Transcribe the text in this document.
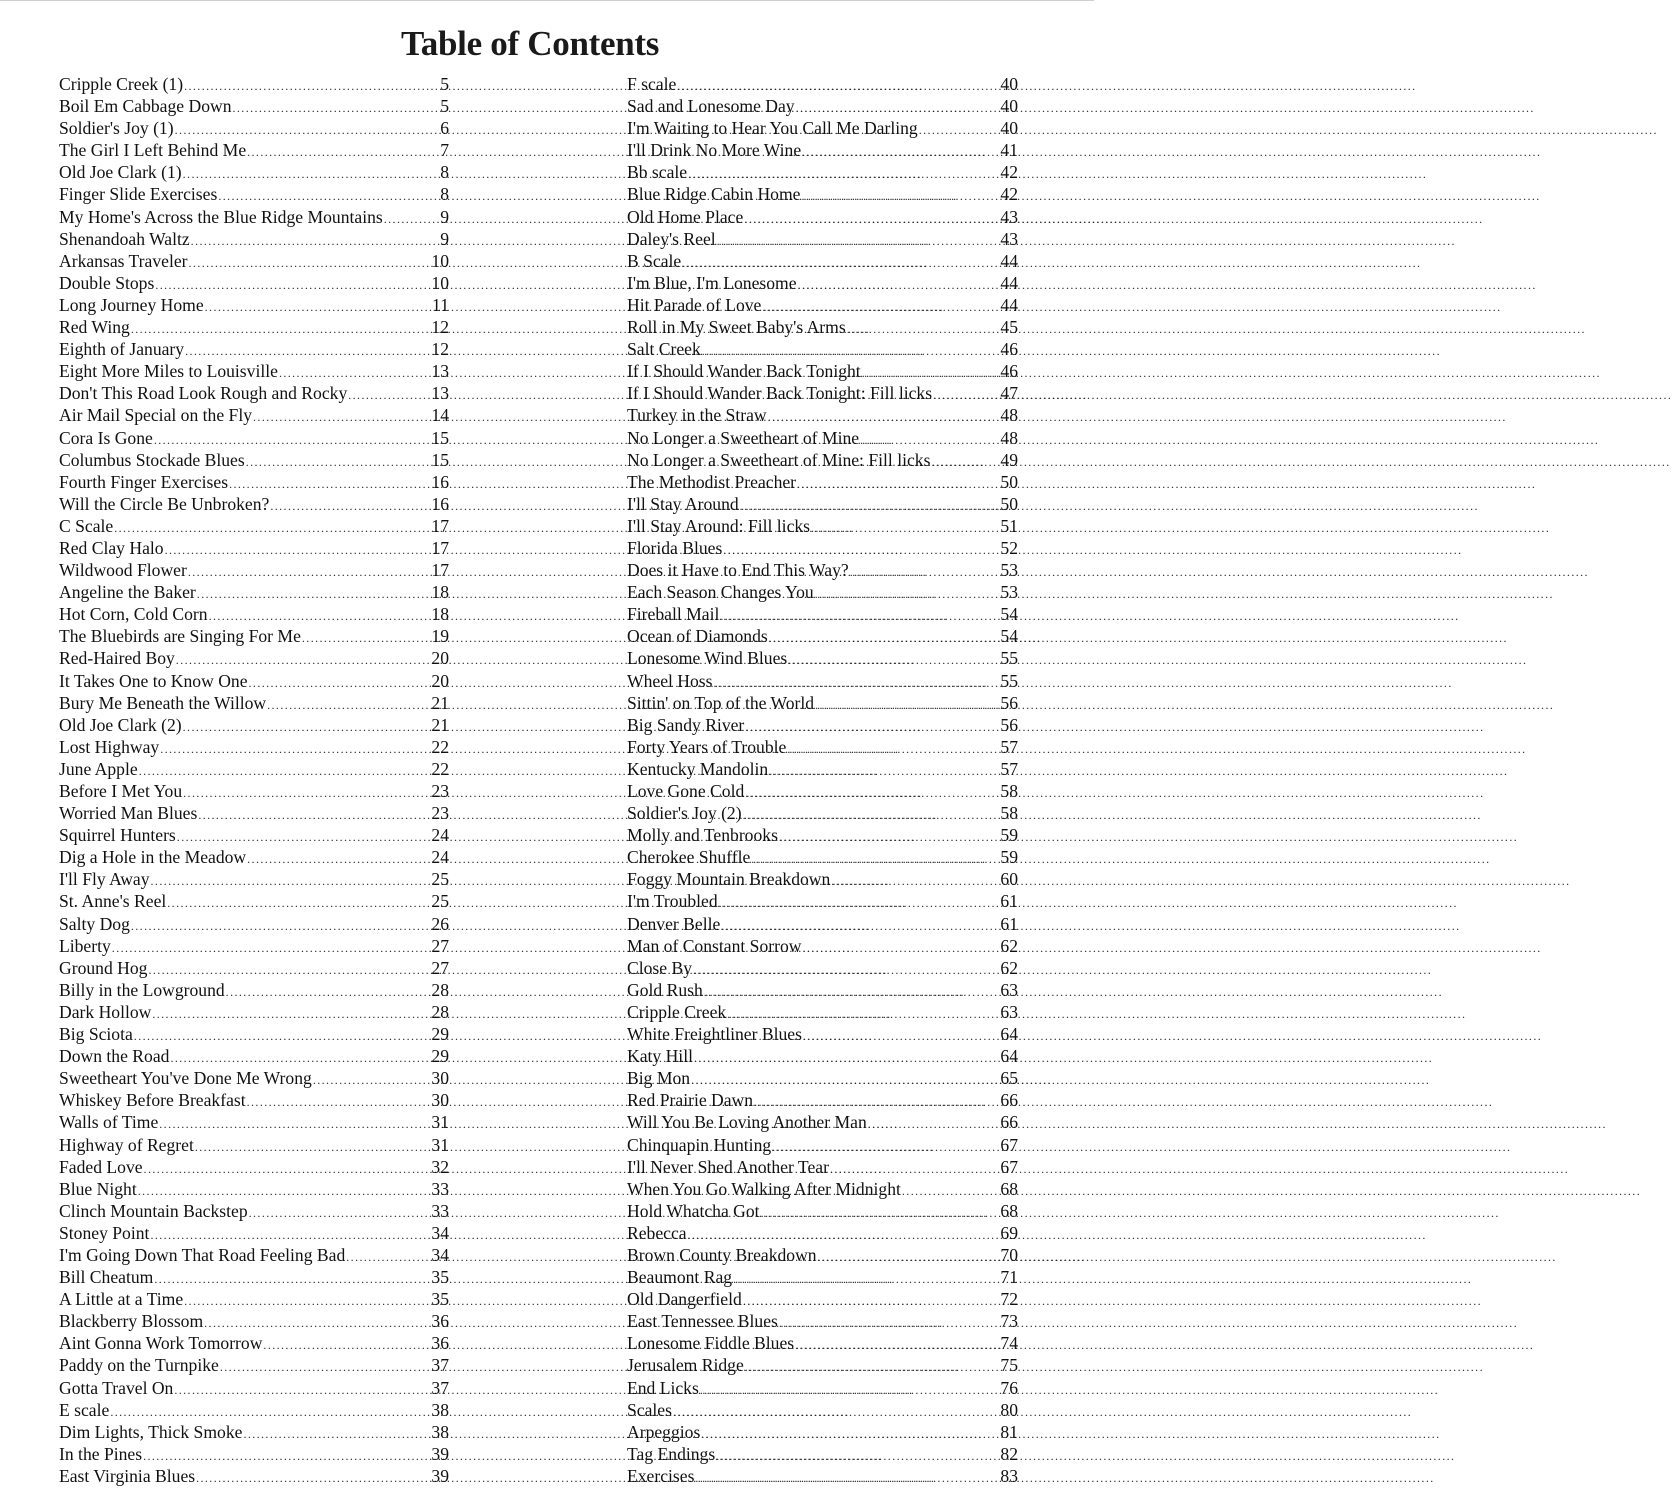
Table of Contents
Cripple Creek (1) .....	5
Boil Em Cabbage Down .....	5
Soldier's Joy (1) .....	6
The Girl I Left Behind Me .....	7
Old Joe Clark (1) .....	8
Finger Slide Exercises .....	8
My Home's Across the Blue Ridge Mountains .....	9
Shenandoah Waltz .....	9
Arkansas Traveler .....	10
Double Stops .....	10
Long Journey Home .....	11
Red Wing .....	12
Eighth of January .....	12
Eight More Miles to Louisville .....	13
Don't This Road Look Rough and Rocky .....	13
Air Mail Special on the Fly .....	14
Cora Is Gone .....	15
Columbus Stockade Blues .....	15
Fourth Finger Exercises .....	16
Will the Circle Be Unbroken? .....	16
C Scale .....	17
Red Clay Halo .....	17
Wildwood Flower .....	17
Angeline the Baker .....	18
Hot Corn, Cold Corn .....	18
The Bluebirds are Singing For Me .....	19
Red-Haired Boy .....	20
It Takes One to Know One .....	20
Bury Me Beneath the Willow .....	21
Old Joe Clark (2) .....	21
Lost Highway .....	22
June Apple .....	22
Before I Met You .....	23
Worried Man Blues .....	23
Squirrel Hunters .....	24
Dig a Hole in the Meadow .....	24
I'll Fly Away .....	25
St. Anne's Reel .....	25
Salty Dog .....	26
Liberty .....	27
Ground Hog .....	27
Billy in the Lowground .....	28
Dark Hollow .....	28
Big Sciota .....	29
Down the Road .....	29
Sweetheart You've Done Me Wrong .....	30
Whiskey Before Breakfast .....	30
Walls of Time .....	31
Highway of Regret .....	31
Faded Love .....	32
Blue Night .....	33
Clinch Mountain Backstep .....	33
Stoney Point .....	34
I'm Going Down That Road Feeling Bad .....	34
Bill Cheatum .....	35
A Little at a Time .....	35
Blackberry Blossom .....	36
Aint Gonna Work Tomorrow .....	36
Paddy on the Turnpike .....	37
Gotta Travel On .....	37
E scale .....	38
Dim Lights, Thick Smoke .....	38
In the Pines .....	39
East Virginia Blues .....	39
F scale .....	40
Sad and Lonesome Day .....	40
I'm Waiting to Hear You Call Me Darling .....	40
I'll Drink No More Wine .....	41
Bb scale .....	42
Blue Ridge Cabin Home .....	42
Old Home Place .....	43
Daley's Reel .....	43
B Scale .....	44
I'm Blue, I'm Lonesome .....	44
Hit Parade of Love .....	44
Roll in My Sweet Baby's Arms .....	45
Salt Creek .....	46
If I Should Wander Back Tonight .....	46
If I Should Wander Back Tonight: Fill licks .....	47
Turkey in the Straw .....	48
No Longer a Sweetheart of Mine .....	48
No Longer a Sweetheart of Mine: Fill licks .....	49
The Methodist Preacher .....	50
I'll Stay Around .....	50
I'll Stay Around: Fill licks .....	51
Florida Blues .....	52
Does it Have to End This Way? .....	53
Each Season Changes You .....	53
Fireball Mail .....	54
Ocean of Diamonds .....	54
Lonesome Wind Blues .....	55
Wheel Hoss .....	55
Sittin' on Top of the World .....	56
Big Sandy River .....	56
Forty Years of Trouble .....	57
Kentucky Mandolin .....	57
Love Gone Cold .....	58
Soldier's Joy (2) .....	58
Molly and Tenbrooks .....	59
Cherokee Shuffle .....	59
Foggy Mountain Breakdown .....	60
I'm Troubled .....	61
Denver Belle .....	61
Man of Constant Sorrow .....	62
Close By .....	62
Gold Rush .....	63
Cripple Creek .....	63
White Freightliner Blues .....	64
Katy Hill .....	64
Big Mon .....	65
Red Prairie Dawn .....	66
Will You Be Loving Another Man .....	66
Chinquapin Hunting .....	67
I'll Never Shed Another Tear .....	67
When You Go Walking After Midnight .....	68
Hold Whatcha Got .....	68
Rebecca .....	69
Brown County Breakdown .....	70
Beaumont Rag .....	71
Old Dangerfield .....	72
East Tennessee Blues .....	73
Lonesome Fiddle Blues .....	74
Jerusalem Ridge .....	75
End Licks .....	76
Scales .....	80
Arpeggios .....	81
Tag Endings .....	82
Exercises .....	83
